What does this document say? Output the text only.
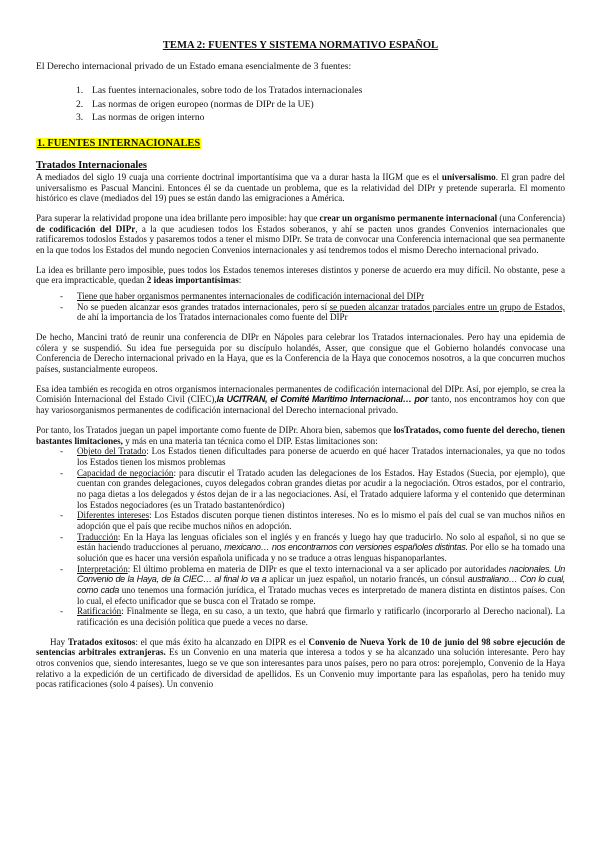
TEMA 2: FUENTES Y SISTEMA NORMATIVO ESPAÑOL

El Derecho internacional privado de un Estado emana esencialmente de 3 fuentes:

1. Las fuentes internacionales, sobre todo de los Tratados internacionales
2. Las normas de origen europeo (normas de DIPr de la UE)
3. Las normas de origen interno
1. FUENTES INTERNACIONALES
Tratados Internacionales

A mediados del siglo 19 cuaja una corriente doctrinal importantísima que va a durar hasta la IIGM que es el universalismo. El gran padre del universalismo es Pascual Mancini. Entonces él se da cuentade un problema, que es la relatividad del DIPr y pretende superarla. El momento histórico es clave (mediados del 19) pues se están dando las emigraciones a América.

Para superar la relatividad propone una idea brillante pero imposible: hay que crear un organismo permanente internacional (una Conferencia) de codificación del DIPr, a la que acudiesen todos los Estados soberanos, y ahí se pacten unos grandes Convenios internacionales que ratificaremos todoslos Estados y pasaremos todos a tener el mismo DIPr. Se trata de convocar una Conferencia internacional que sea permanente en la que todos los Estados del mundo negocien Convenios internacionales y así tendremos todos el mismo Derecho internacional privado.

La idea es brillante pero imposible, pues todos los Estados tenemos intereses distintos y ponerse de acuerdo era muy difícil. No obstante, pese a que era impracticable, quedan 2 ideas importantísimas:

- Tiene que haber organismos permanentes internacionales de codificación internacional del DIPr
- No se pueden alcanzar esos grandes tratados internacionales, pero sí se pueden alcanzar tratados parciales entre un grupo de Estados, de ahí la importancia de los Tratados internacionales como fuente del DIPr

De hecho, Mancini trató de reunir una conferencia de DIPr en Nápoles para celebrar los Tratados internacionales. Pero hay una epidemia de cólera y se suspendió. Su idea fue perseguida por su discípulo holandés, Asser, que consigue que el Gobierno holandés convocase una Conferencia de Derecho internacional privado en la Haya, que es la Conferencia de la Haya que conocemos nosotros, a la que concurren muchos países, sustancialmente europeos.

Esa idea también es recogida en otros organismos internacionales permanentes de codificación internacional del DIPr. Así, por ejemplo, se crea la Comisión Internacional del Estado Civil (CIEC),la UCITRAN, el Comité Marítimo Internacional… por tanto, nos encontramos hoy con que hay variosorganismos permanentes de codificación internacional del Derecho internacional privado.

Por tanto, los Tratados juegan un papel importante como fuente de DIPr. Ahora bien, sabemos que losTratados, como fuente del derecho, tienen bastantes limitaciones, y más en una materia tan técnica como el DIP. Estas limitaciones son:

- Objeto del Tratado: Los Estados tienen dificultades para ponerse de acuerdo en qué hacer Tratados internacionales, ya que no todos los Estados tienen los mismos problemas
- Capacidad de negociación: para discutir el Tratado acuden las delegaciones de los Estados. Hay Estados (Suecia, por ejemplo), que cuentan con grandes delegaciones, cuyos delegados cobran grandes dietas por acudir a la negociación. Otros estados, por el contrario, no paga dietas a los delegados y éstos dejan de ir a las negociaciones. Así, el Tratado adquiere laforma y el contenido que determinan los Estados negociadores (es un Tratado bastantenórdico)
- Diferentes intereses: Los Estados discuten porque tienen distintos intereses. No es lo mismo el país del cual se van muchos niños en adopción que el país que recibe muchos niños en adopción.
- Traducción: En la Haya las lenguas oficiales son el inglés y en francés y luego hay que traducirlo. No solo al español, si no que se están haciendo traducciones al peruano, mexicano… nos encontramos con versiones españoles distintas. Por ello se ha tomado una solución que es hacer una versión española unificada y no se traduce a otras lenguas hispanoparlantes.
- Interpretación: El último problema en materia de DIPr es que el texto internacional va a ser aplicado por autoridades nacionales. Un Convenio de la Haya, de la CIEC… al final lo va a aplicar un juez español, un notario francés, un cónsul australiano… Con lo cual, como cada uno tenemos una formación jurídica, el Tratado muchas veces es interpretado de manera distinta en distintos países. Con lo cual, el efecto unificador que se busca con el Tratado se rompe.
- Ratificación: Finalmente se llega, en su caso, a un texto, que habrá que firmarlo y ratificarlo (incorporarlo al Derecho nacional). La ratificación es una decisión política que puede a veces no darse.

Hay Tratados exitosos: el que más éxito ha alcanzado en DIPR es el Convenio de Nueva York de 10 de junio del 98 sobre ejecución de sentencias arbitrales extranjeras. Es un Convenio en una materia que interesa a todos y se ha alcanzado una solución interesante. Pero hay otros convenios que, siendo interesantes, luego se ve que son interesantes para unos países, pero no para otros: porejemplo, Convenio de la Haya relativo a la expedición de un certificado de diversidad de apellidos. Es un Convenio muy importante para las españolas, pero ha tenido muy pocas ratificaciones (solo 4 países). Un convenio
